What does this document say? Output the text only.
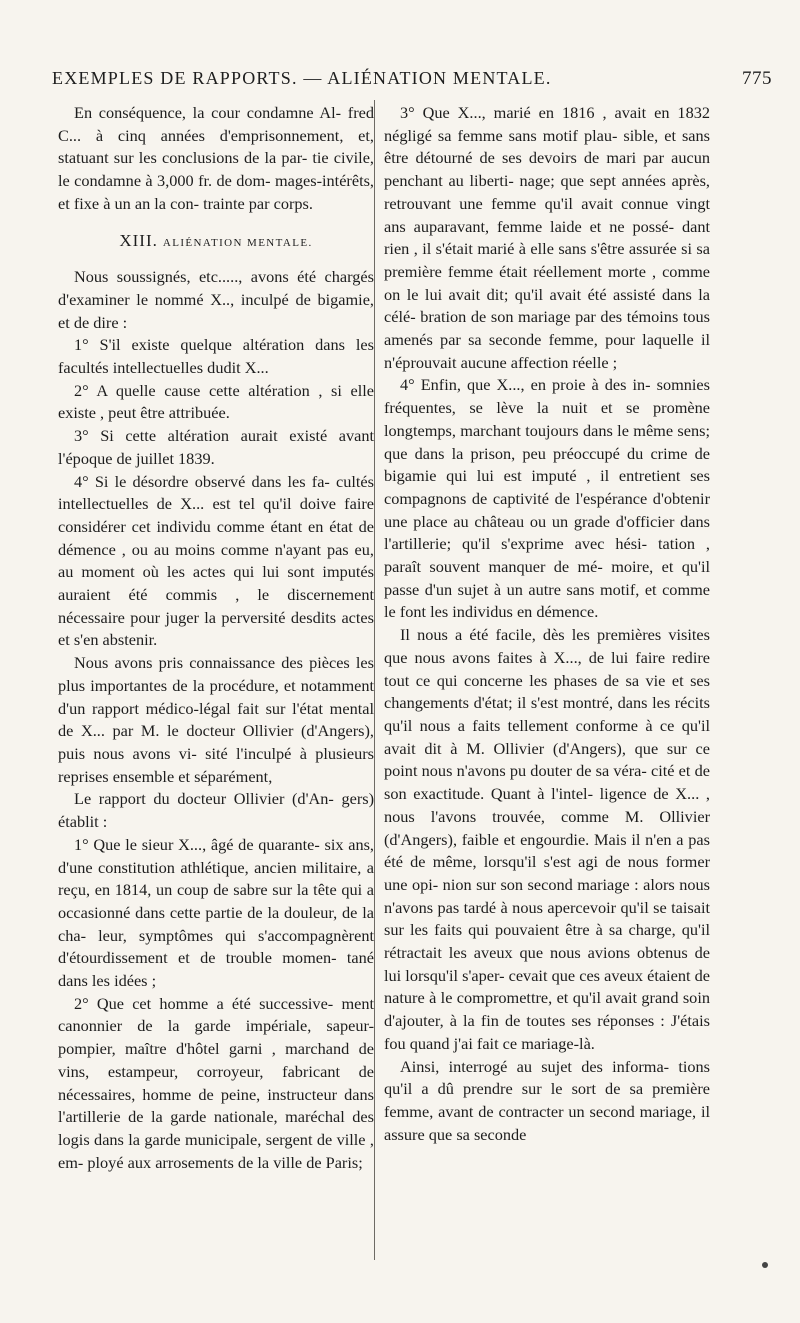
EXEMPLES DE RAPPORTS. — ALIÉNATION MENTALE.	775

En conséquence, la cour condamne Al- fred C... à cinq années d'emprisonnement, et, statuant sur les conclusions de la par- tie civile, le condamne à 3,000 fr. de dom- mages-intérêts, et fixe à un an la con- trainte par corps.

XIII. ALIÉNATION MENTALE.

Nous soussignés, etc....., avons été chargés d'examiner le nommé X.., inculpé de bigamie, et de dire :

1° S'il existe quelque altération dans les facultés intellectuelles dudit X...

2° A quelle cause cette altération , si elle existe , peut être attribuée.

3° Si cette altération aurait existé avant l'époque de juillet 1839.

4° Si le désordre observé dans les fa- cultés intellectuelles de X... est tel qu'il doive faire considérer cet individu comme étant en état de démence , ou au moins comme n'ayant pas eu, au moment où les actes qui lui sont imputés auraient été commis , le discernement nécessaire pour juger la perversité desdits actes et s'en abstenir.

Nous avons pris connaissance des pièces les plus importantes de la procédure, et notamment d'un rapport médico-légal fait sur l'état mental de X... par M. le docteur Ollivier (d'Angers), puis nous avons vi- sité l'inculpé à plusieurs reprises ensemble et séparément,

Le rapport du docteur Ollivier (d'An- gers) établit :

1° Que le sieur X..., âgé de quarante- six ans, d'une constitution athlétique, ancien militaire, a reçu, en 1814, un coup de sabre sur la tête qui a occasionné dans cette partie de la douleur, de la cha- leur, symptômes qui s'accompagnèrent d'étourdissement et de trouble momen- tané dans les idées ;

2° Que cet homme a été successive- ment canonnier de la garde impériale, sapeur-pompier, maître d'hôtel garni , marchand de vins, estampeur, corroyeur, fabricant de nécessaires, homme de peine, instructeur dans l'artillerie de la garde nationale, maréchal des logis dans la garde municipale, sergent de ville , em- ployé aux arrosements de la ville de Paris;

3° Que X..., marié en 1816 , avait en 1832 négligé sa femme sans motif plau- sible, et sans être détourné de ses devoirs de mari par aucun penchant au liberti- nage; que sept années après, retrouvant une femme qu'il avait connue vingt ans auparavant, femme laide et ne possé- dant rien , il s'était marié à elle sans s'être assurée si sa première femme était réellement morte , comme on le lui avait dit; qu'il avait été assisté dans la célé- bration de son mariage par des témoins tous amenés par sa seconde femme, pour laquelle il n'éprouvait aucune affection réelle ;

4° Enfin, que X..., en proie à des in- somnies fréquentes, se lève la nuit et se promène longtemps, marchant toujours dans le même sens; que dans la prison, peu préoccupé du crime de bigamie qui lui est imputé , il entretient ses compagnons de captivité de l'espérance d'obtenir une place au château ou un grade d'officier dans l'artillerie; qu'il s'exprime avec hési- tation , paraît souvent manquer de mé- moire, et qu'il passe d'un sujet à un autre sans motif, et comme le font les individus en démence.

Il nous a été facile, dès les premières visites que nous avons faites à X..., de lui faire redire tout ce qui concerne les phases de sa vie et ses changements d'état; il s'est montré, dans les récits qu'il nous a faits tellement conforme à ce qu'il avait dit à M. Ollivier (d'Angers), que sur ce point nous n'avons pu douter de sa véra- cité et de son exactitude. Quant à l'intel- ligence de X... , nous l'avons trouvée, comme M. Ollivier (d'Angers), faible et engourdie. Mais il n'en a pas été de même, lorsqu'il s'est agi de nous former une opi- nion sur son second mariage : alors nous n'avons pas tardé à nous apercevoir qu'il se taisait sur les faits qui pouvaient être à sa charge, qu'il rétractait les aveux que nous avions obtenus de lui lorsqu'il s'aper- cevait que ces aveux étaient de nature à le compromettre, et qu'il avait grand soin d'ajouter, à la fin de toutes ses réponses : J'étais fou quand j'ai fait ce mariage-là.

Ainsi, interrogé au sujet des informa- tions qu'il a dû prendre sur le sort de sa première femme, avant de contracter un second mariage, il assure que sa seconde
